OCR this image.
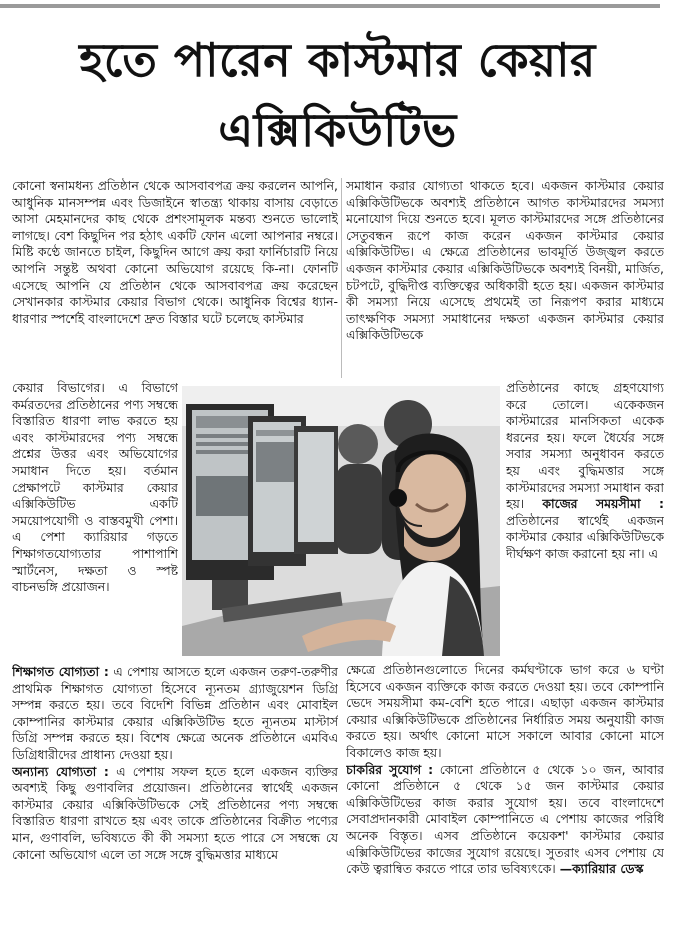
হতে পারেন কাস্টমার কেয়ার
এক্সিকিউটিভ

কোনো স্বনামধন্য প্রতিষ্ঠান থেকে আসবাবপত্র ক্রয় করলেন আপনি, আধুনিক মানসম্পন্ন এবং ডিজাইনে স্বাতন্ত্র্য থাকায় বাসায় বেড়াতে আসা মেহমানদের কাছ থেকে প্রশংসামূলক মন্তব্য শুনতে ভালোই লাগছে। বেশ কিছুদিন পর হঠাৎ একটি ফোন এলো আপনার নম্বরে। মিষ্টি কণ্ঠে জানতে চাইল, কিছুদিন আগে ক্রয় করা ফার্নিচারটি নিয়ে আপনি সন্তুষ্ট অথবা কোনো অভিযোগ রয়েছে কি-না। ফোনটি এসেছে আপনি যে প্রতিষ্ঠান থেকে আসবাবপত্র ক্রয় করেছেন সেখানকার কাস্টমার কেয়ার বিভাগ থেকে। আধুনিক বিশ্বের ধ্যান-ধারণার স্পর্শেই বাংলাদেশে দ্রুত বিস্তার ঘটে চলেছে কাস্টমার

সমাধান করার যোগ্যতা থাকতে হবে। একজন কাস্টমার কেয়ার এক্সিকিউটিভকে অবশ্যই প্রতিষ্ঠানে আগত কাস্টমারদের সমস্যা মনোযোগ দিয়ে শুনতে হবে। মূলত কাস্টমারদের সঙ্গে প্রতিষ্ঠানের সেতুবন্ধন রূপে কাজ করেন একজন কাস্টমার কেয়ার এক্সিকিউটিভ। এ ক্ষেত্রে প্রতিষ্ঠানের ভাবমূর্তি উজ্জ্বল করতে একজন কাস্টমার কেয়ার এক্সিকিউটিভকে অবশ্যই বিনয়ী, মার্জিত, চটপটে, বুদ্ধিদীপ্ত ব্যক্তিত্বের অধিকারী হতে হয়। একজন কাস্টমার কী সমস্যা নিয়ে এসেছে প্রথমেই তা নিরূপণ করার মাধ্যমে তাৎক্ষণিক সমস্যা সমাধানের দক্ষতা একজন কাস্টমার কেয়ার এক্সিকিউটিভকে

কেয়ার বিভাগের। এ বিভাগে কর্মরতদের প্রতিষ্ঠানের পণ্য সম্বন্ধে বিস্তারিত ধারণা লাভ করতে হয় এবং কাস্টমারদের পণ্য সম্বন্ধে প্রশ্নের উত্তর এবং অভিযোগের সমাধান দিতে হয়। বর্তমান প্রেক্ষাপটে কাস্টমার কেয়ার এক্সিকিউটিভ একটি সময়োপযোগী ও বাস্তবমুখী পেশা। এ পেশা ক্যারিয়ার গড়তে শিক্ষাগতযোগ্যতার পাশাপাশি স্মার্টনেস, দক্ষতা ও স্পষ্ট বাচনভঙ্গি প্রয়োজন।

প্রতিষ্ঠানের কাছে গ্রহণযোগ্য করে তোলে। একেকজন কাস্টমারের মানসিকতা একেক ধরনের হয়। ফলে ধৈর্যের সঙ্গে সবার সমস্যা অনুধাবন করতে হয় এবং বুদ্ধিমত্তার সঙ্গে কাস্টমারদের সমস্যা সমাধান করা হয়। কাজের সময়সীমা : প্রতিষ্ঠানের স্বার্থেই একজন কাস্টমার কেয়ার এক্সিকিউটিভকে দীর্ঘক্ষণ কাজ করানো হয় না। এ

শিক্ষাগত যোগ্যতা : এ পেশায় আসতে হলে একজন তরুণ-তরুণীর প্রাথমিক শিক্ষাগত যোগ্যতা হিসেবে ন্যূনতম গ্র্যাজুয়েশন ডিগ্রি সম্পন্ন করতে হয়। তবে বিদেশি বিভিন্ন প্রতিষ্ঠান এবং মোবাইল কোম্পানির কাস্টমার কেয়ার এক্সিকিউটিভ হতে ন্যূনতম মাস্টার্স ডিগ্রি সম্পন্ন করতে হয়। বিশেষ ক্ষেত্রে অনেক প্রতিষ্ঠানে এমবিএ ডিগ্রিধারীদের প্রাধান্য দেওয়া হয়।

অন্যান্য যোগ্যতা : এ পেশায় সফল হতে হলে একজন ব্যক্তির অবশ্যই কিছু গুণাবলির প্রয়োজন। প্রতিষ্ঠানের স্বার্থেই একজন কাস্টমার কেয়ার এক্সিকিউটিভকে সেই প্রতিষ্ঠানের পণ্য সম্বন্ধে বিস্তারিত ধারণা রাখতে হয় এবং তাকে প্রতিষ্ঠানের বিক্রীত পণ্যের মান, গুণাবলি, ভবিষ্যতে কী কী সমস্যা হতে পারে সে সম্বন্ধে যে কোনো অভিযোগ এলে তা সঙ্গে সঙ্গে বুদ্ধিমত্তার মাধ্যমে

ক্ষেত্রে প্রতিষ্ঠানগুলোতে দিনের কর্মঘণ্টাকে ভাগ করে ৬ ঘণ্টা হিসেবে একজন ব্যক্তিকে কাজ করতে দেওয়া হয়। তবে কোম্পানি ভেদে সময়সীমা কম-বেশি হতে পারে। এছাড়া একজন কাস্টমার কেয়ার এক্সিকিউটিভকে প্রতিষ্ঠানের নির্ধারিত সময় অনুযায়ী কাজ করতে হয়। অর্থাৎ কোনো মাসে সকালে আবার কোনো মাসে বিকালেও কাজ হয়।

চাকরির সুযোগ : কোনো প্রতিষ্ঠানে ৫ থেকে ১০ জন, আবার কোনো প্রতিষ্ঠানে ৫ থেকে ১৫ জন কাস্টমার কেয়ার এক্সিকিউটিভের কাজ করার সুযোগ হয়। তবে বাংলাদেশে সেবাপ্রদানকারী মোবাইল কোম্পানিতে এ পেশায় কাজের পরিধি অনেক বিস্তৃত। এসব প্রতিষ্ঠানে কয়েকশ' কাস্টমার কেয়ার এক্সিকিউটিভের কাজের সুযোগ রয়েছে। সুতরাং এসব পেশায় যে কেউ ত্বরান্বিত করতে পারে তার ভবিষ্যৎকে। —ক্যারিয়ার ডেস্ক
